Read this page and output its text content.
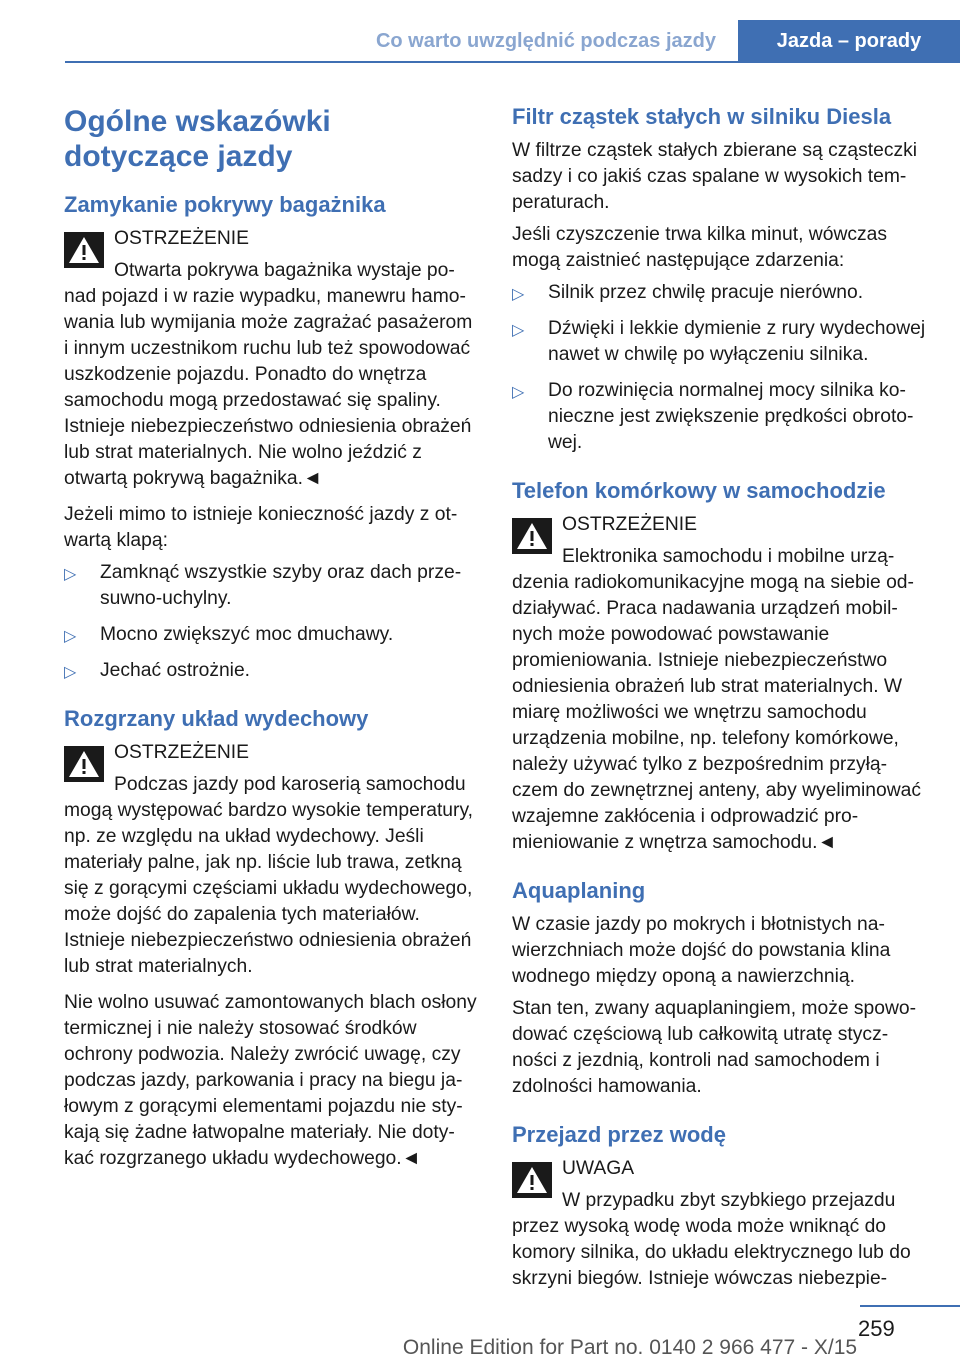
Co warto uwzględnić podczas jazdy	Jazda – porady
Ogólne wskazówki
dotyczące jazdy
Zamykanie pokrywy bagażnika
OSTRZEŻENIE
Otwarta pokrywa bagażnika wystaje ponad pojazd i w razie wypadku, manewru hamowania lub wymijania może zagrażać pasażerom i innym uczestnikom ruchu lub też spowodować uszkodzenie pojazdu. Ponadto do wnętrza samochodu mogą przedostawać się spaliny. Istnieje niebezpieczeństwo odniesienia obrażeń lub strat materialnych. Nie wolno jeździć z otwartą pokrywą bagażnika.◄

Jeżeli mimo to istnieje konieczność jazdy z otwartą klapą:

▷ Zamknąć wszystkie szyby oraz dach przesuwno-uchylny.
▷ Mocno zwiększyć moc dmuchawy.
▷ Jechać ostrożnie.
Rozgrzany układ wydechowy
OSTRZEŻENIE
Podczas jazdy pod karoserią samochodu mogą występować bardzo wysokie temperatury, np. ze względu na układ wydechowy. Jeśli materiały palne, jak np. liście lub trawa, zetkną się z gorącymi częściami układu wydechowego, może dojść do zapalenia tych materiałów. Istnieje niebezpieczeństwo odniesienia obrażeń lub strat materialnych.

Nie wolno usuwać zamontowanych blach osłony termicznej i nie należy stosować środków ochrony podwozia. Należy zwrócić uwagę, czy podczas jazdy, parkowania i pracy na biegu jałowym z gorącymi elementami pojazdu nie stykają się żadne łatwopalne materiały. Nie dotykać rozgrzanego układu wydechowego.◄

Filtr cząstek stałych w silniku Diesla

W filtrze cząstek stałych zbierane są cząsteczki sadzy i co jakiś czas spalane w wysokich temperaturach.

Jeśli czyszczenie trwa kilka minut, wówczas mogą zaistnieć następujące zdarzenia:

▷ Silnik przez chwilę pracuje nierówno.
▷ Dźwięki i lekkie dymienie z rury wydechowej nawet w chwilę po wyłączeniu silnika.
▷ Do rozwinięcia normalnej mocy silnika konieczne jest zwiększenie prędkości obrotowej.
Telefon komórkowy w samochodzie
OSTRZEŻENIE
Elektronika samochodu i mobilne urządzenia radiokomunikacyjne mogą na siebie oddziaływać. Praca nadawania urządzeń mobilnych może powodować powstawanie promieniowania. Istnieje niebezpieczeństwo odniesienia obrażeń lub strat materialnych. W miarę możliwości we wnętrzu samochodu urządzenia mobilne, np. telefony komórkowe, należy używać tylko z bezpośrednim przyłączem do zewnętrznej anteny, aby wyeliminować wzajemne zakłócenia i odprowadzić promieniowanie z wnętrza samochodu.◄
Aquaplaning

W czasie jazdy po mokrych i błotnistych nawierzchniach może dojść do powstania klina wodnego między oponą a nawierzchnią.

Stan ten, zwany aquaplaningiem, może spowodować częściową lub całkowitą utratę styczności z jezdnią, kontroli nad samochodem i zdolności hamowania.

Przejazd przez wodę
UWAGA
W przypadku zbyt szybkiego przejazdu przez wysoką wodę woda może wniknąć do komory silnika, do układu elektrycznego lub do skrzyni biegów. Istnieje wówczas niebezpie-
259
Online Edition for Part no. 0140 2 966 477 - X/15
